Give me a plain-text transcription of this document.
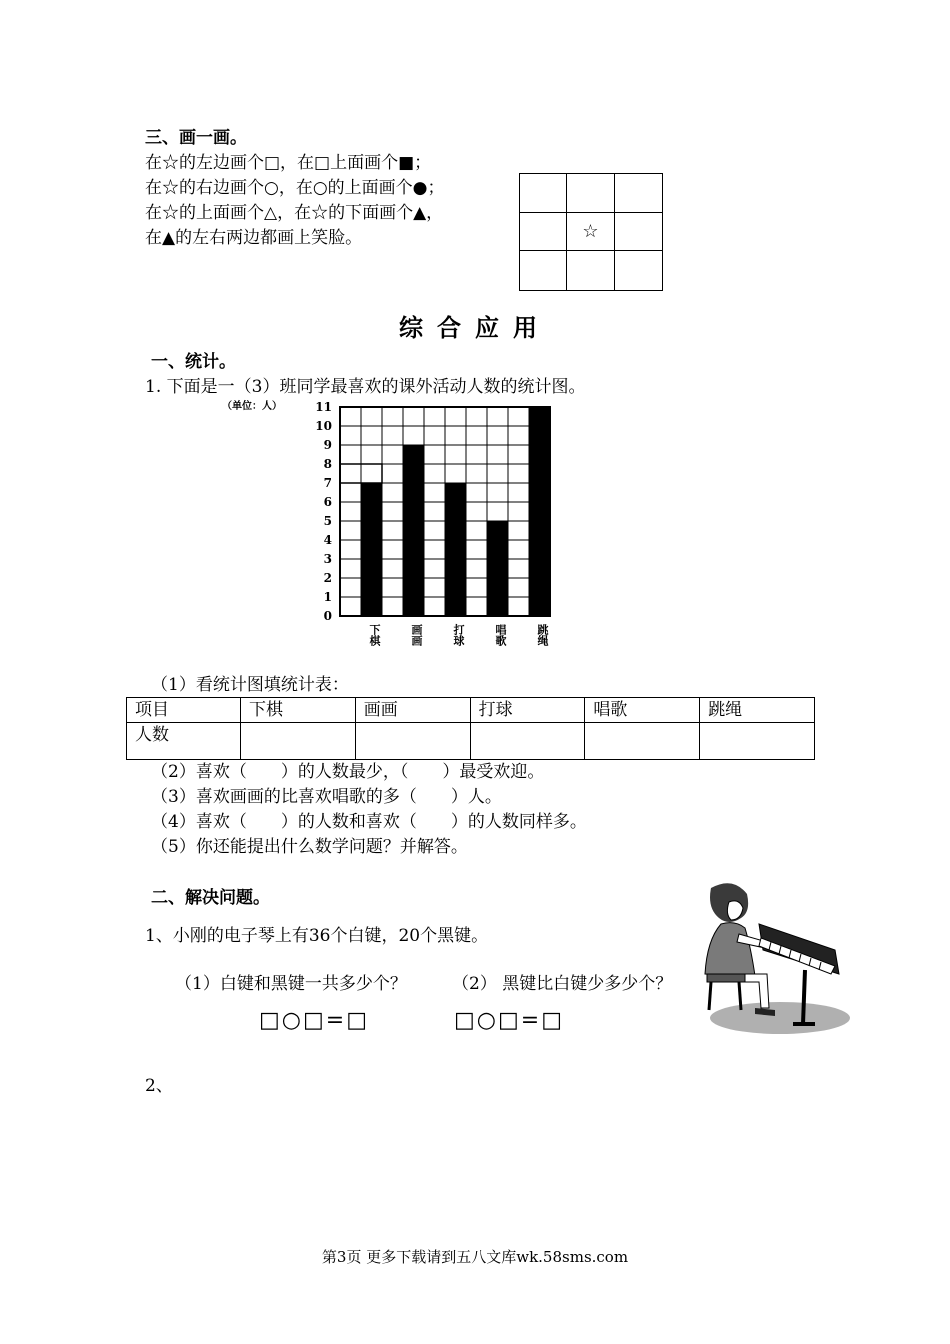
三、画一画。
在☆的左边画个□，在□上面画个■；
在☆的右边画个○，在○的上面画个●；
在☆的上面画个△，在☆的下面画个▲，
在▲的左右两边都画上笑脸。	☆
综合应用
一、统计。
1. 下面是一（3）班同学最喜欢的课外活动人数的统计图。
0
1
2
3
4
5
6
7
8
9
10
11
（单位：人）
下棋	画画	打球	唱歌	跳绳
（1）看统计图填统计表：
项目	下棋	画画	打球	唱歌	跳绳
人数					
（2）喜欢（　　）的人数最少，（　　）最受欢迎。
（3）喜欢画画的比喜欢唱歌的多（　　）人。
（4）喜欢（　　）的人数和喜欢（　　）的人数同样多。
（5）你还能提出什么数学问题？并解答。
二、解决问题。
1、小刚的电子琴上有36个白键，20个黑键。
（1）白键和黑键一共多少个？	（2） 黑键比白键少多少个？
□○□=□	□○□=□
2、
第3页 更多下载请到五八文库wk.58sms.com
